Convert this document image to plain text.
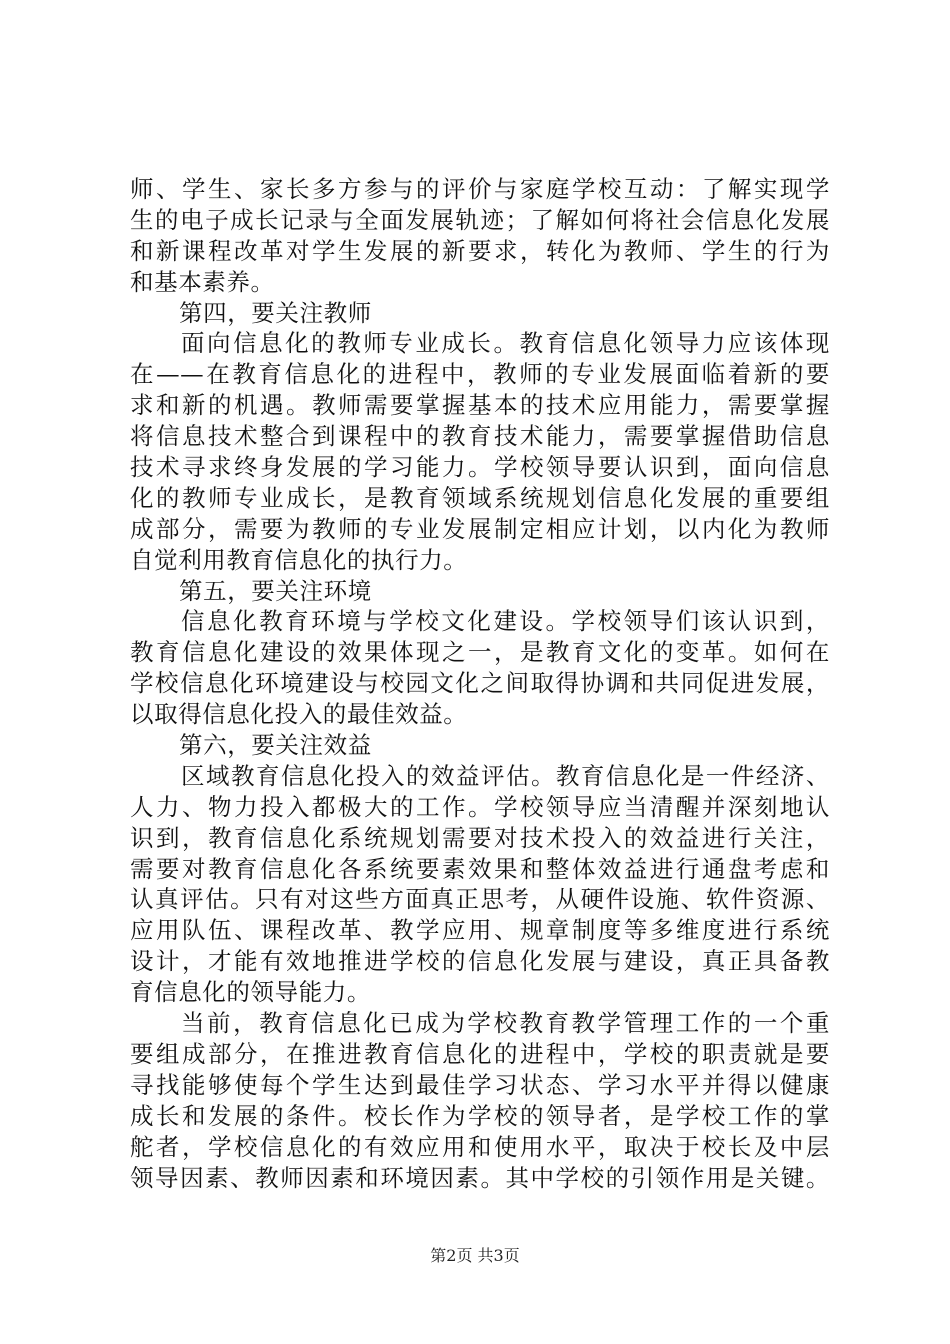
师、学生、家长多方参与的评价与家庭学校互动：了解实现学
生的电子成长记录与全面发展轨迹；了解如何将社会信息化发展
和新课程改革对学生发展的新要求，转化为教师、学生的行为
和基本素养。
第四，要关注教师
面向信息化的教师专业成长。教育信息化领导力应该体现
在——在教育信息化的进程中，教师的专业发展面临着新的要
求和新的机遇。教师需要掌握基本的技术应用能力，需要掌握
将信息技术整合到课程中的教育技术能力，需要掌握借助信息
技术寻求终身发展的学习能力。学校领导要认识到，面向信息
化的教师专业成长，是教育领域系统规划信息化发展的重要组
成部分，需要为教师的专业发展制定相应计划，以内化为教师
自觉利用教育信息化的执行力。
第五，要关注环境
信息化教育环境与学校文化建设。学校领导们该认识到，
教育信息化建设的效果体现之一，是教育文化的变革。如何在
学校信息化环境建设与校园文化之间取得协调和共同促进发展，
以取得信息化投入的最佳效益。
第六，要关注效益
区域教育信息化投入的效益评估。教育信息化是一件经济、
人力、物力投入都极大的工作。学校领导应当清醒并深刻地认
识到，教育信息化系统规划需要对技术投入的效益进行关注，
需要对教育信息化各系统要素效果和整体效益进行通盘考虑和
认真评估。只有对这些方面真正思考，从硬件设施、软件资源、
应用队伍、课程改革、教学应用、规章制度等多维度进行系统
设计，才能有效地推进学校的信息化发展与建设，真正具备教
育信息化的领导能力。
当前，教育信息化已成为学校教育教学管理工作的一个重
要组成部分，在推进教育信息化的进程中，学校的职责就是要
寻找能够使每个学生达到最佳学习状态、学习水平并得以健康
成长和发展的条件。校长作为学校的领导者，是学校工作的掌
舵者，学校信息化的有效应用和使用水平，取决于校长及中层
领导因素、教师因素和环境因素。其中学校的引领作用是关键。
第2页 共3页
